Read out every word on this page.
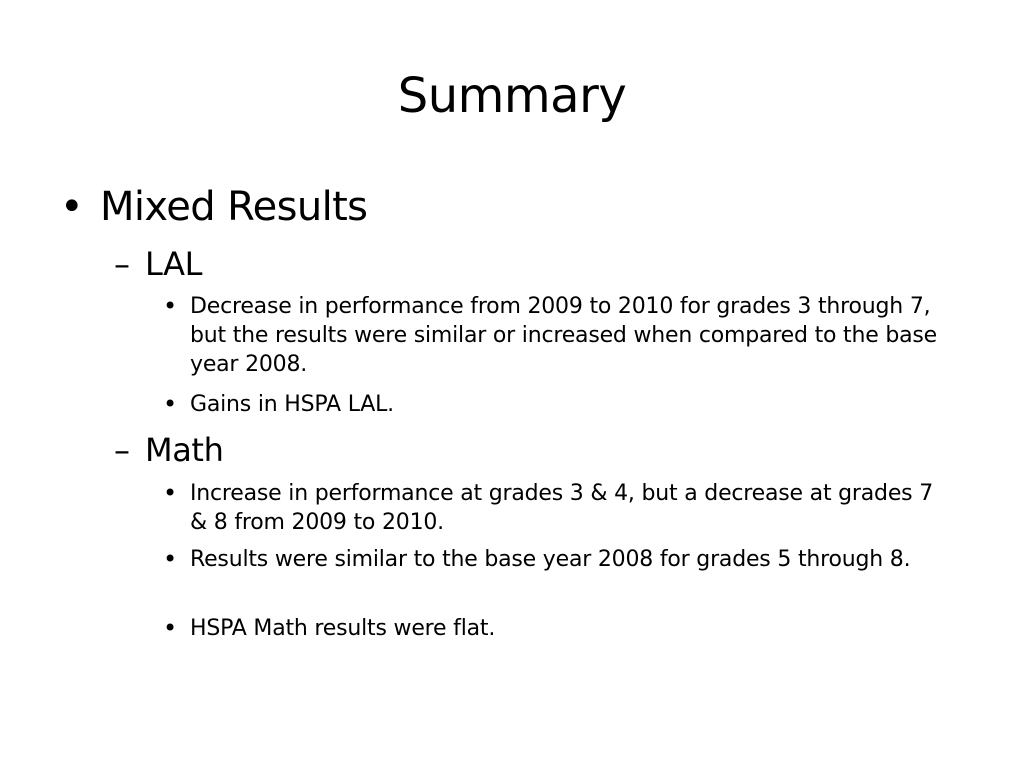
Summary
• Mixed Results
– LAL
• Decrease in performance from 2009 to 2010 for grades 3 through 7, but the results were similar or increased when compared to the base year 2008.
• Gains in HSPA LAL.
– Math
• Increase in performance at grades 3 & 4, but a decrease at grades 7 & 8 from 2009 to 2010.
• Results were similar to the base year 2008 for grades 5 through 8.
• HSPA Math results were flat.
